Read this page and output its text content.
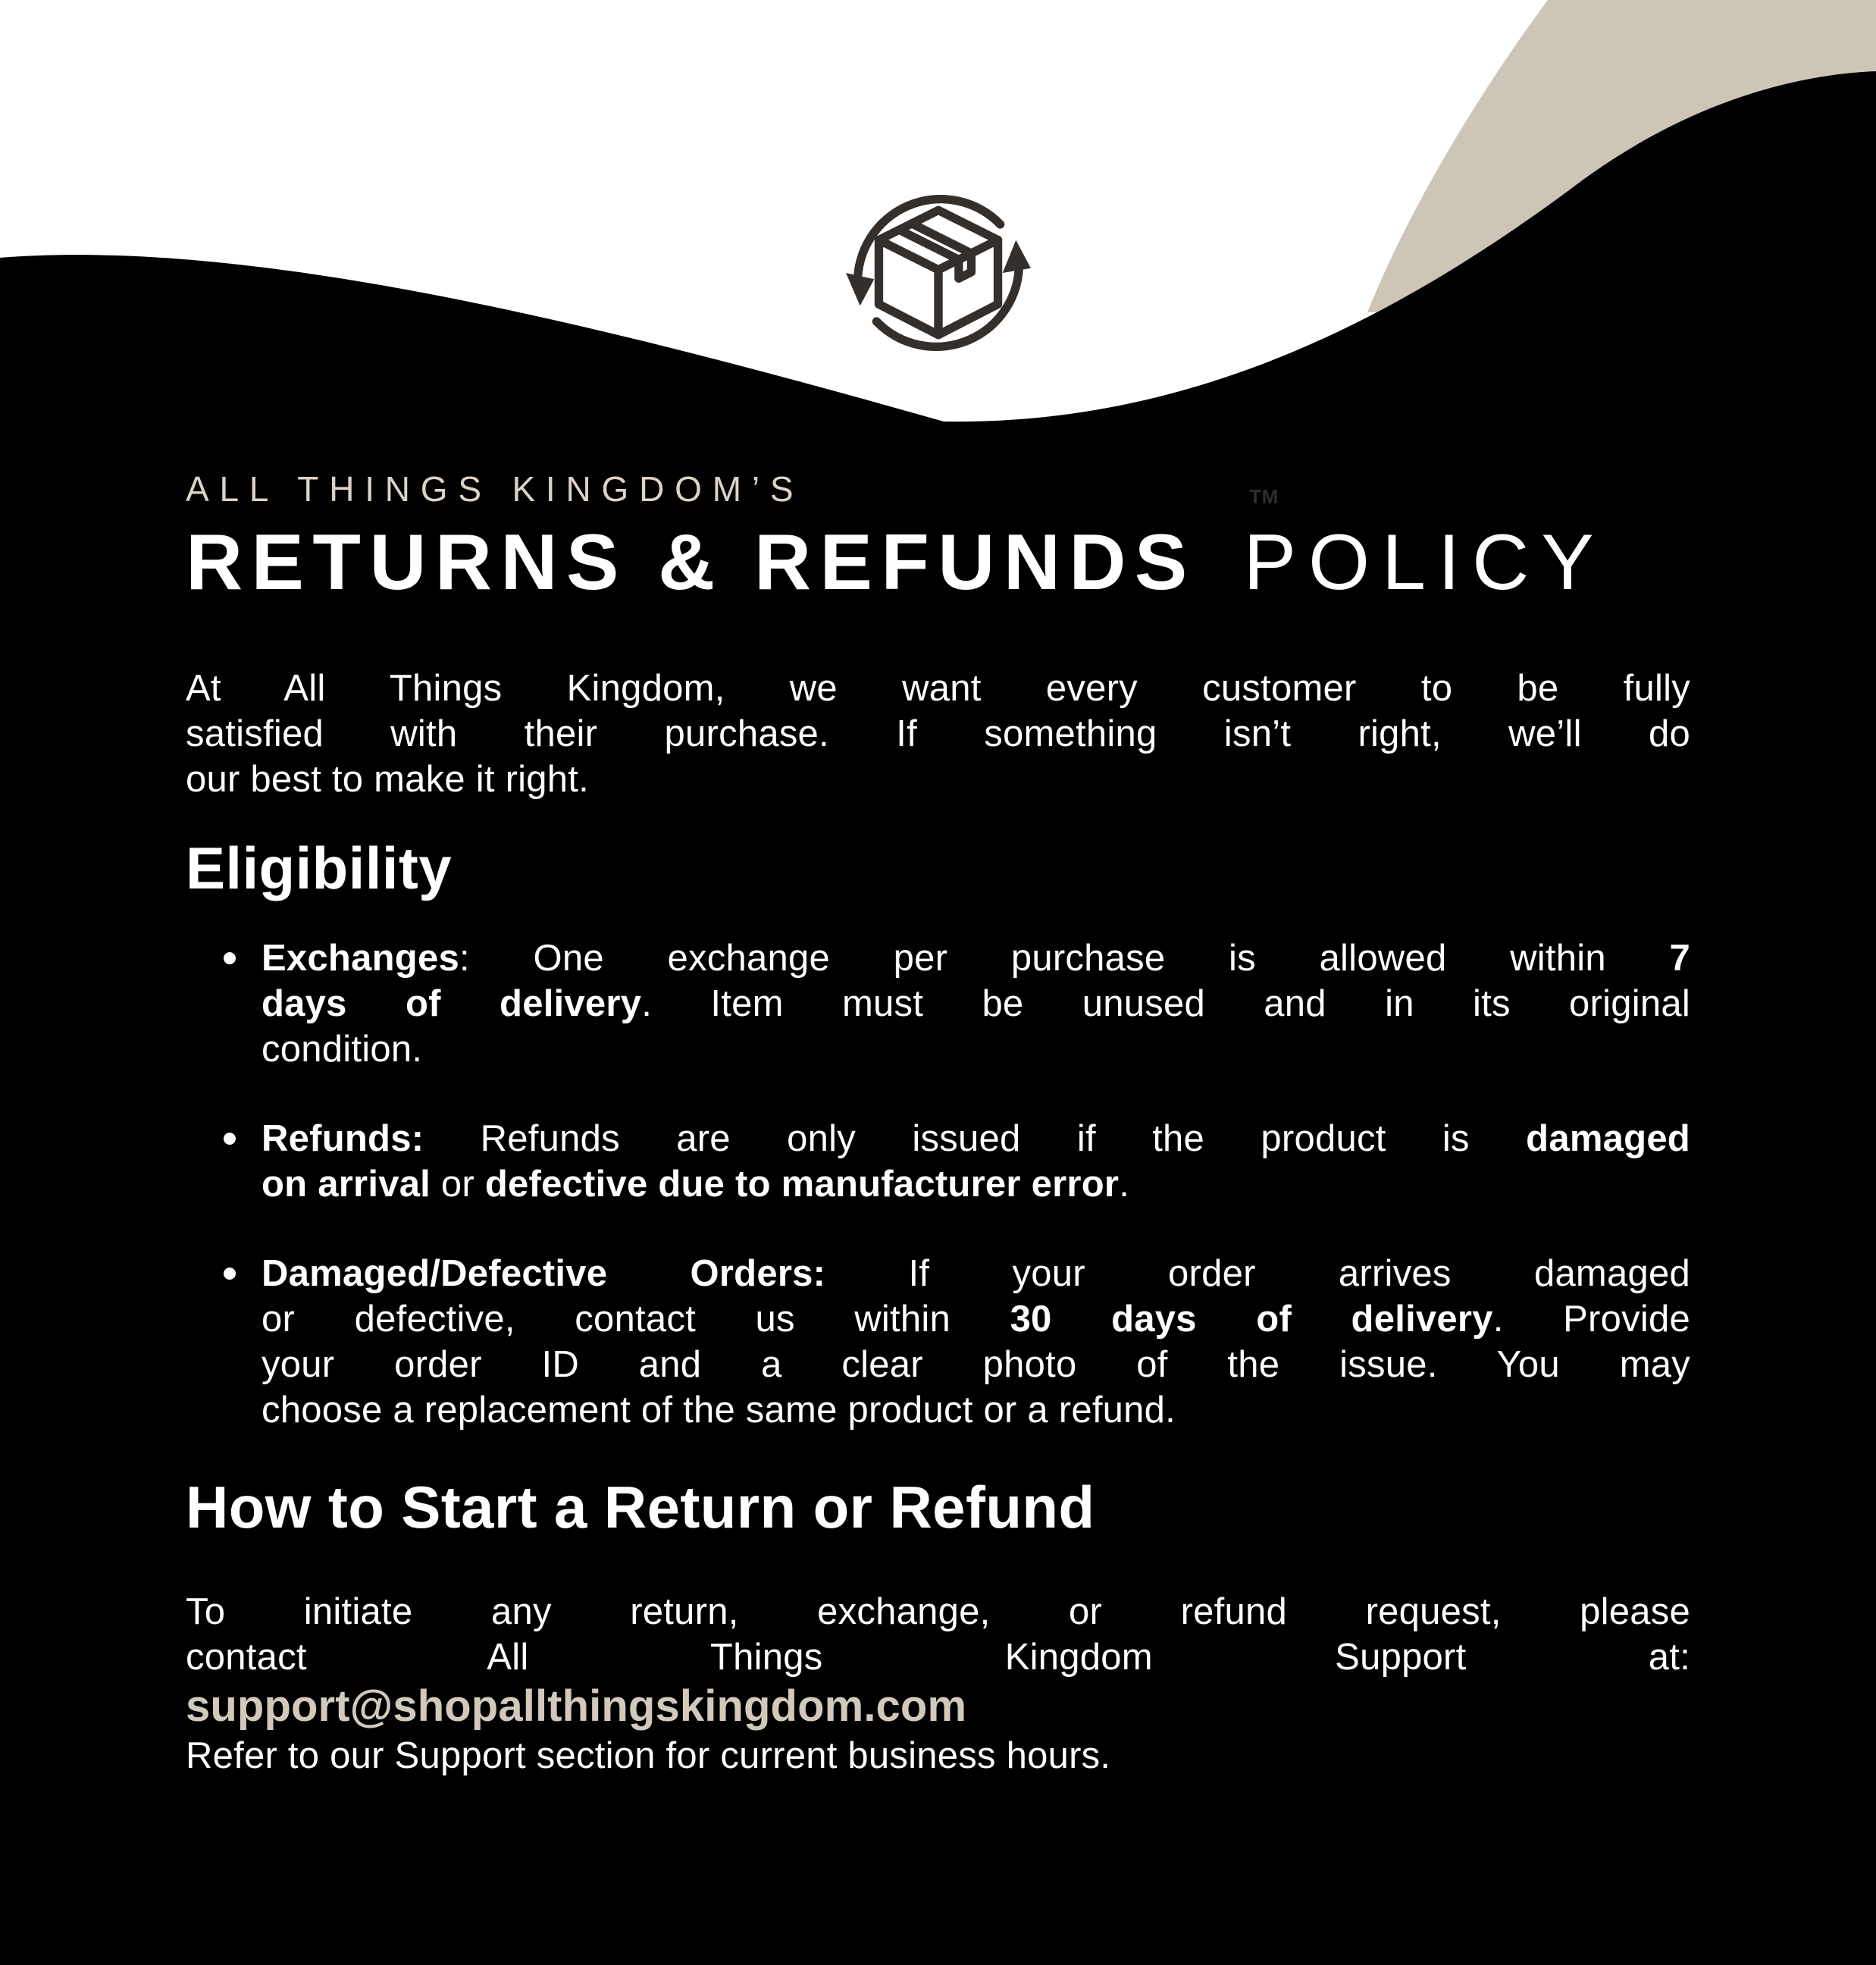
ALL THINGS KINGDOM’S	TM
RETURNS & REFUNDS POLICY
At All Things Kingdom, we want every customer to be fully
satisfied with their purchase. If something isn’t right, we’ll do
our best to make it right.
Eligibility
Exchanges: One exchange per purchase is allowed within 7
days of delivery. Item must be unused and in its original
condition.
Refunds: Refunds are only issued if the product is damaged
on arrival or defective due to manufacturer error.
Damaged/Defective Orders: If your order arrives damaged
or defective, contact us within 30 days of delivery. Provide
your order ID and a clear photo of the issue. You may
choose a replacement of the same product or a refund.
How to Start a Return or Refund
To initiate any return, exchange, or refund request, please
contact All Things Kingdom Support at:
support@shopallthingskingdom.com
Refer to our Support section for current business hours.
